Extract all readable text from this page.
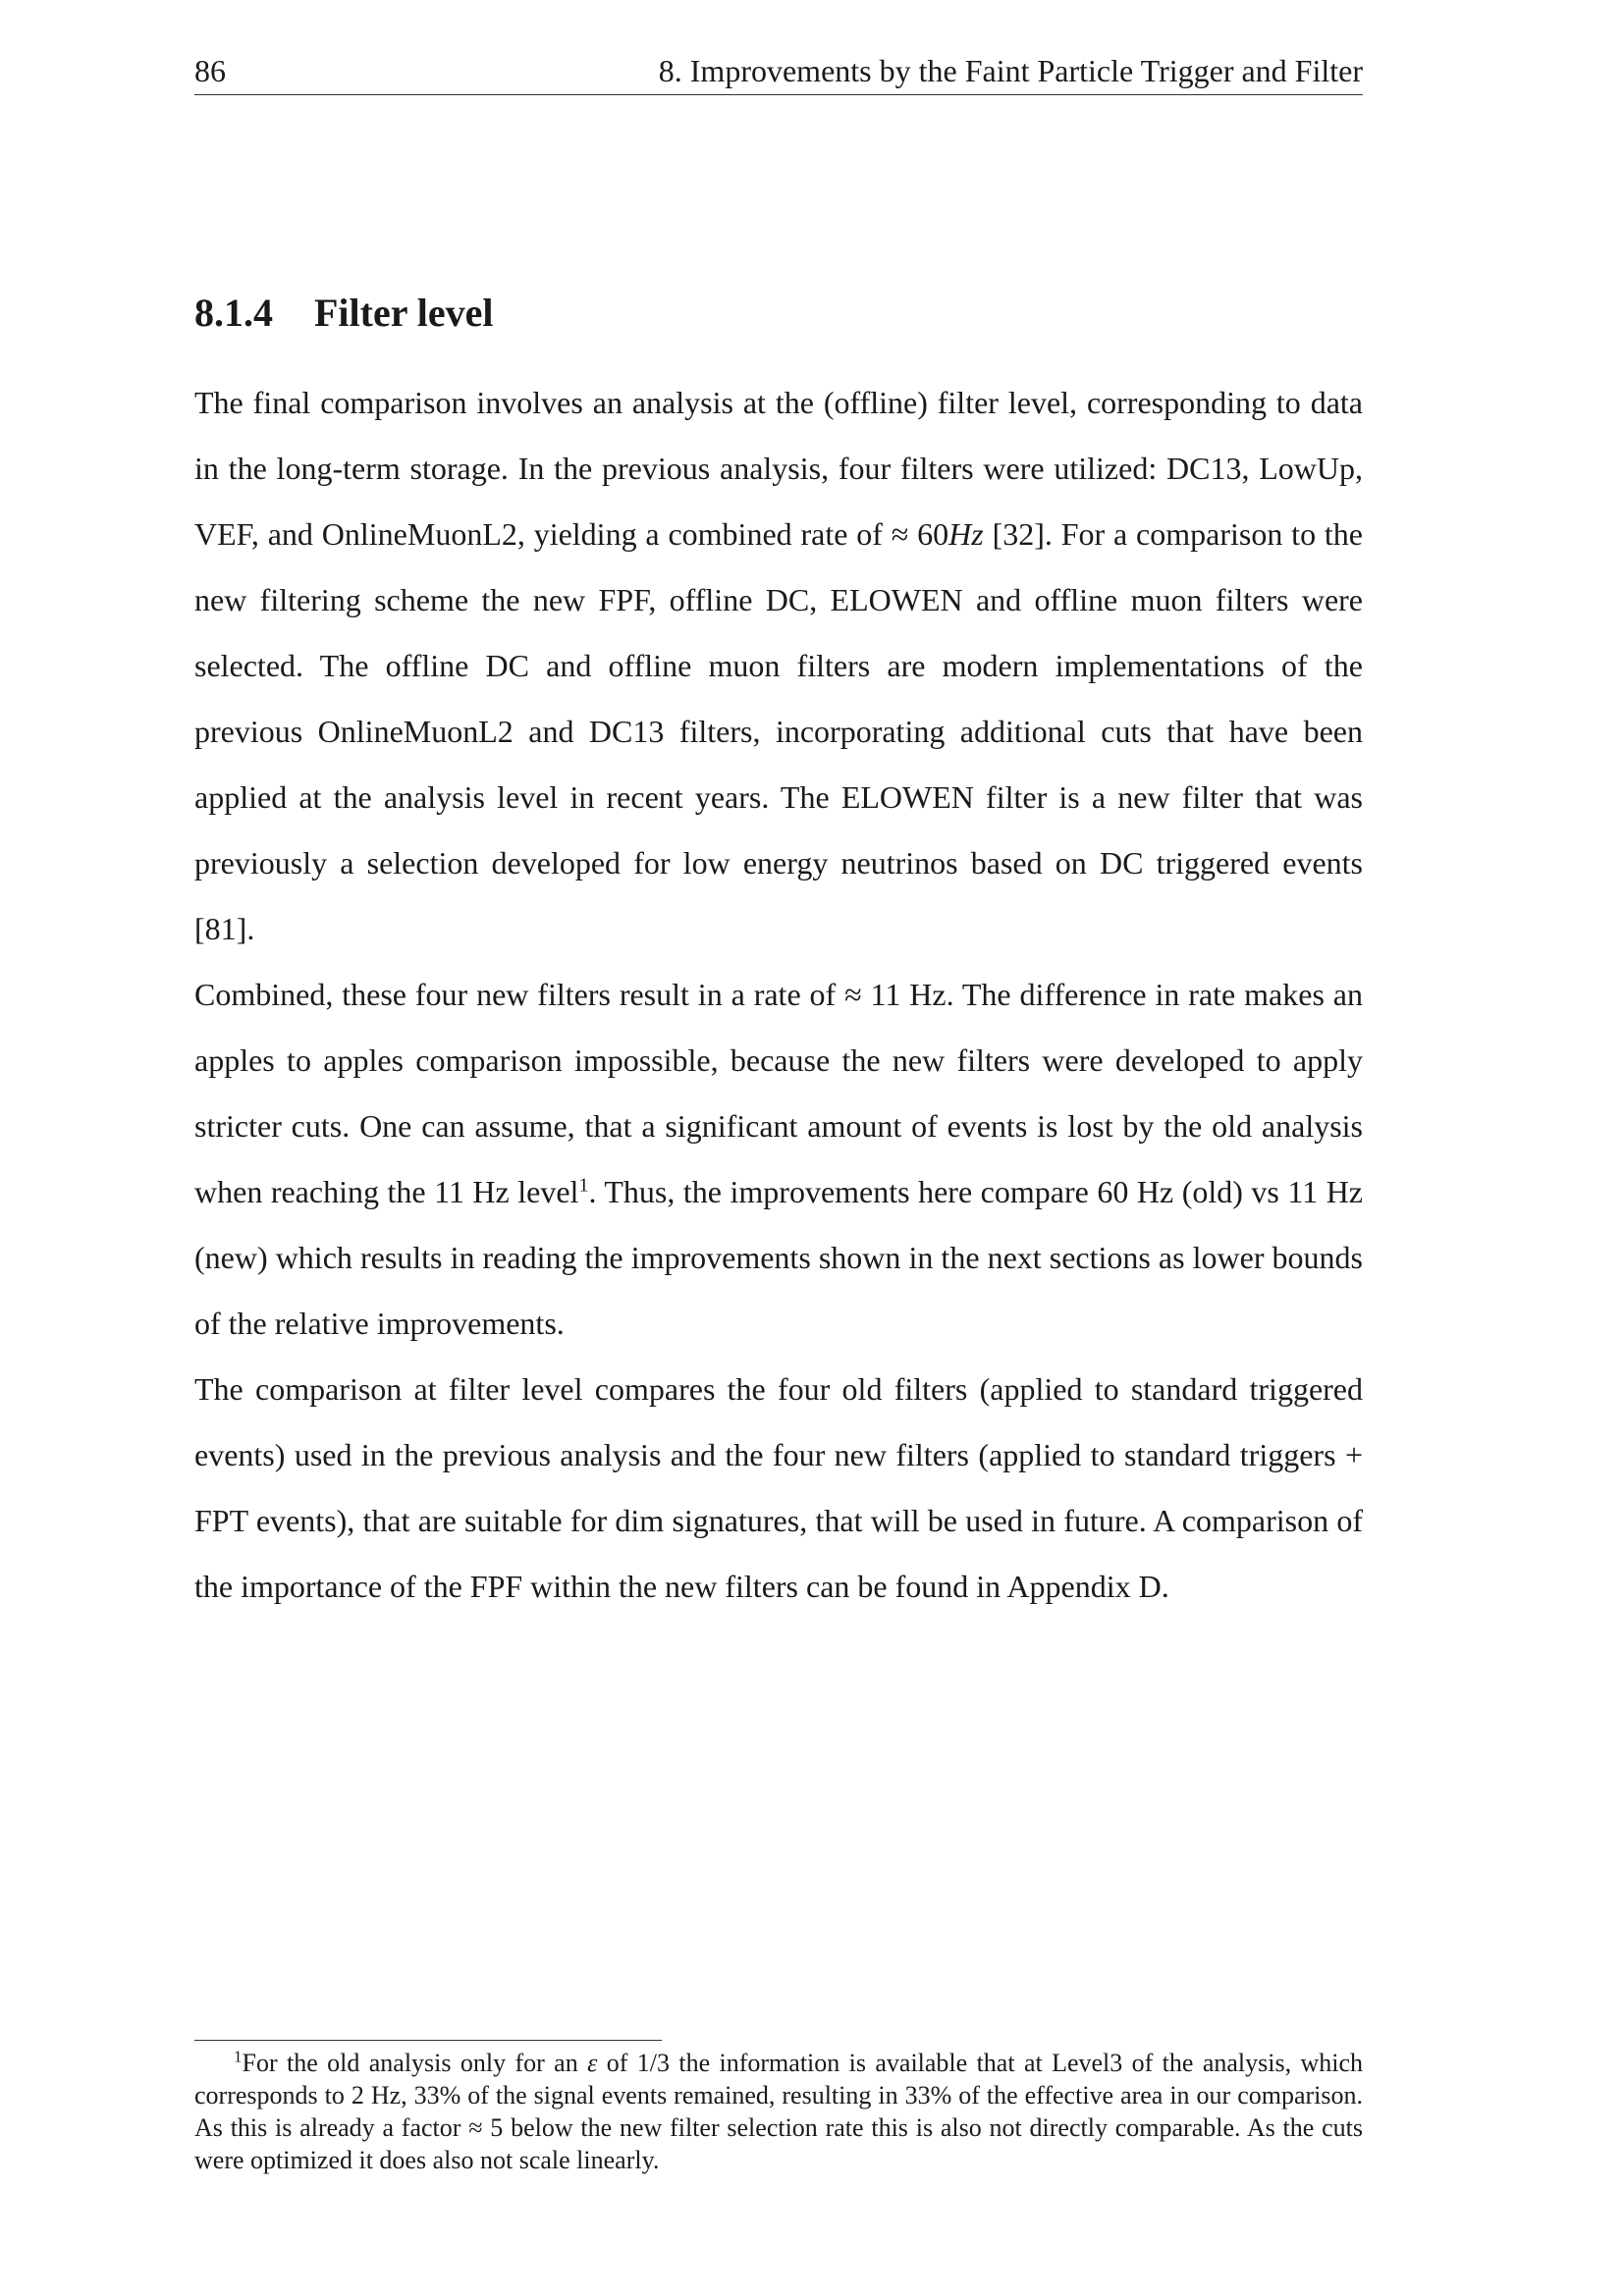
86	8. Improvements by the Faint Particle Trigger and Filter
8.1.4 Filter level

The final comparison involves an analysis at the (offline) filter level, corresponding to data in the long-term storage. In the previous analysis, four filters were utilized: DC13, LowUp, VEF, and OnlineMuonL2, yielding a combined rate of ≈ 60Hz [32]. For a comparison to the new filtering scheme the new FPF, offline DC, ELOWEN and offline muon filters were selected. The offline DC and offline muon filters are modern implementations of the previous OnlineMuonL2 and DC13 filters, incorporating additional cuts that have been applied at the analysis level in recent years. The ELOWEN filter is a new filter that was previously a selection developed for low energy neutrinos based on DC triggered events [81].

Combined, these four new filters result in a rate of ≈ 11 Hz. The difference in rate makes an apples to apples comparison impossible, because the new filters were developed to apply stricter cuts. One can assume, that a significant amount of events is lost by the old analysis when reaching the 11 Hz level$^1$. Thus, the improvements here compare 60 Hz (old) vs 11 Hz (new) which results in reading the improvements shown in the next sections as lower bounds of the relative improvements.

The comparison at filter level compares the four old filters (applied to standard triggered events) used in the previous analysis and the four new filters (applied to standard triggers + FPT events), that are suitable for dim signatures, that will be used in future. A comparison of the importance of the FPF within the new filters can be found in Appendix D.

$^1$For the old analysis only for an ε of 1/3 the information is available that at Level3 of the analysis, which corresponds to 2 Hz, 33% of the signal events remained, resulting in 33% of the effective area in our comparison. As this is already a factor ≈ 5 below the new filter selection rate this is also not directly comparable. As the cuts were optimized it does also not scale linearly.
